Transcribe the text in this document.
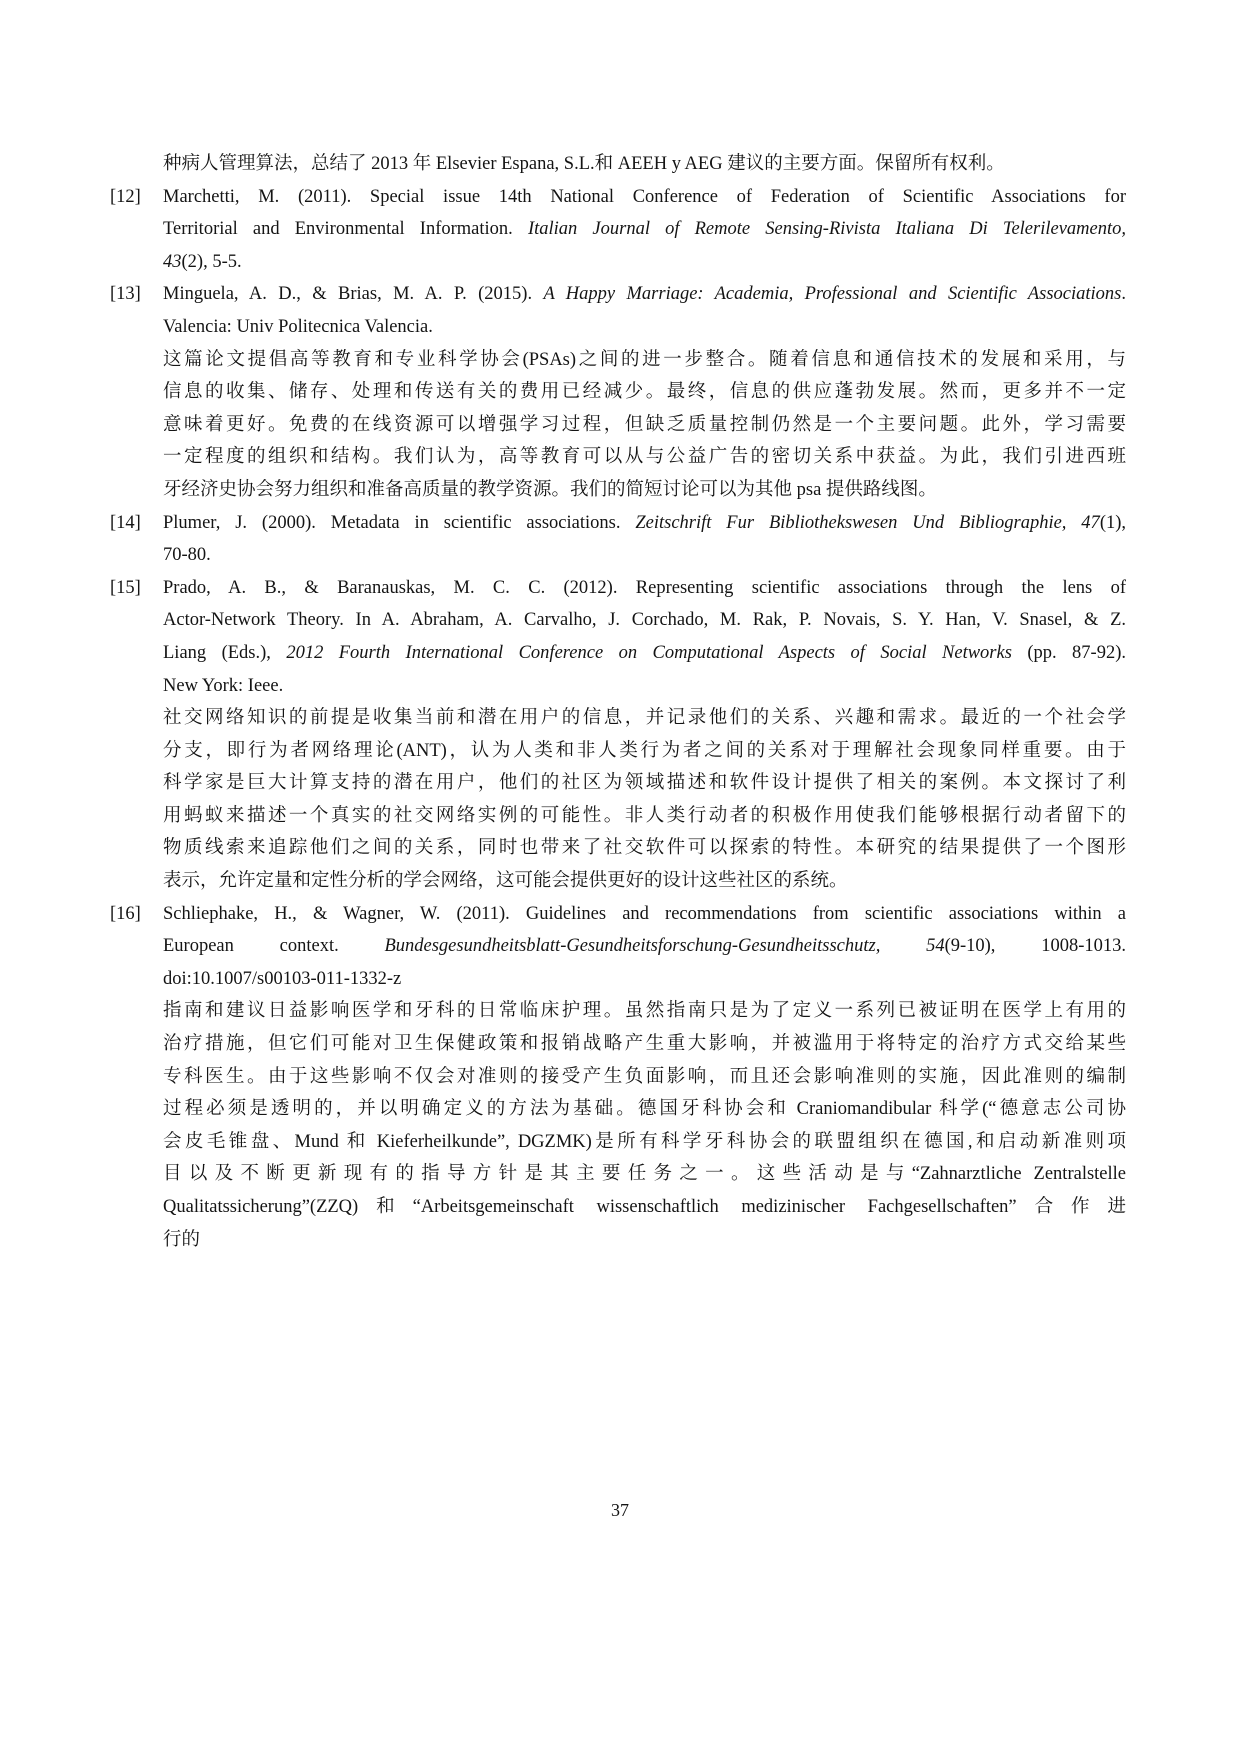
种病人管理算法，总结了 2013 年 Elsevier Espana, S.L.和 AEEH y AEG 建议的主要方面。保留所有权利。
[12]	Marchetti, M. (2011). Special issue 14th National Conference of Federation of Scientific Associations for
Territorial and Environmental Information. Italian Journal of Remote Sensing-Rivista Italiana Di Telerilevamento,
43(2), 5-5.
[13]	Minguela, A. D., & Brias, M. A. P. (2015). A Happy Marriage: Academia, Professional and Scientific Associations.
Valencia: Univ Politecnica Valencia.
这篇论文提倡高等教育和专业科学协会(PSAs)之间的进一步整合。随着信息和通信技术的发展和采用，与
信息的收集、储存、处理和传送有关的费用已经减少。最终，信息的供应蓬勃发展。然而，更多并不一定
意味着更好。免费的在线资源可以增强学习过程，但缺乏质量控制仍然是一个主要问题。此外，学习需要
一定程度的组织和结构。我们认为，高等教育可以从与公益广告的密切关系中获益。为此，我们引进西班
牙经济史协会努力组织和准备高质量的教学资源。我们的简短讨论可以为其他 psa 提供路线图。
[14]	Plumer, J. (2000). Metadata in scientific associations. Zeitschrift Fur Bibliothekswesen Und Bibliographie, 47(1),
70-80.
[15]	Prado, A. B., & Baranauskas, M. C. C. (2012). Representing scientific associations through the lens of
Actor-Network Theory. In A. Abraham, A. Carvalho, J. Corchado, M. Rak, P. Novais, S. Y. Han, V. Snasel, & Z.
Liang (Eds.), 2012 Fourth International Conference on Computational Aspects of Social Networks (pp. 87-92).
New York: Ieee.
社交网络知识的前提是收集当前和潜在用户的信息，并记录他们的关系、兴趣和需求。最近的一个社会学
分支，即行为者网络理论(ANT)，认为人类和非人类行为者之间的关系对于理解社会现象同样重要。由于
科学家是巨大计算支持的潜在用户，他们的社区为领域描述和软件设计提供了相关的案例。本文探讨了利
用蚂蚁来描述一个真实的社交网络实例的可能性。非人类行动者的积极作用使我们能够根据行动者留下的
物质线索来追踪他们之间的关系，同时也带来了社交软件可以探索的特性。本研究的结果提供了一个图形
表示，允许定量和定性分析的学会网络，这可能会提供更好的设计这些社区的系统。
[16]	Schliephake, H., & Wagner, W. (2011). Guidelines and recommendations from scientific associations within a
European context. Bundesgesundheitsblatt-Gesundheitsforschung-Gesundheitsschutz, 54(9-10), 1008-1013.
doi:10.1007/s00103-011-1332-z
指南和建议日益影响医学和牙科的日常临床护理。虽然指南只是为了定义一系列已被证明在医学上有用的
治疗措施，但它们可能对卫生保健政策和报销战略产生重大影响，并被滥用于将特定的治疗方式交给某些
专科医生。由于这些影响不仅会对准则的接受产生负面影响，而且还会影响准则的实施，因此准则的编制
过程必须是透明的，并以明确定义的方法为基础。德国牙科协会和 Craniomandibular 科学(“德意志公司协
会皮毛锥盘、Mund 和 Kieferheilkunde”, DGZMK)是所有科学牙科协会的联盟组织在德国,和启动新准则项
目以及不断更新现有的指导方针是其主要任务之一。这些活动是与“Zahnarztliche Zentralstelle
Qualitatssicherung”(ZZQ)和“Arbeitsgemeinschaft wissenschaftlich medizinischer Fachgesellschaften”合作进
行的
37
